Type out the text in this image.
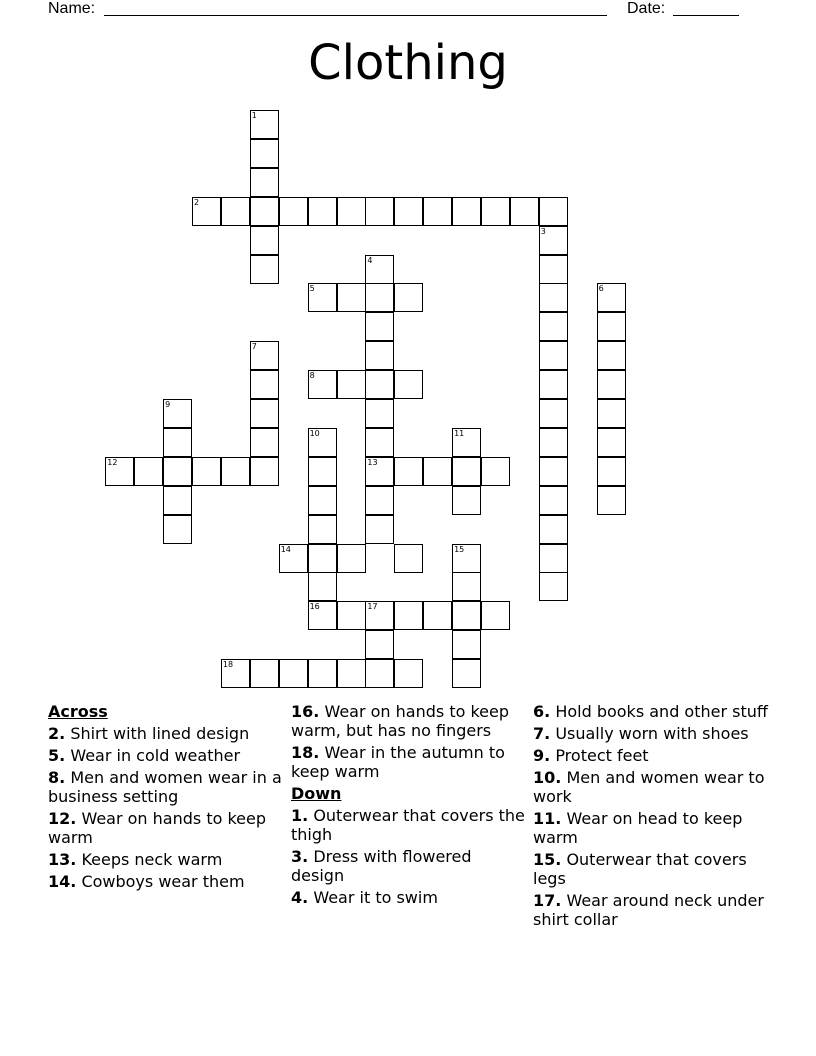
Name:	Date:
Clothing
1
2
3
4
5	6
7
8
9
10	11
12	13
14	15
16	17
18
Across
2. Shirt with lined design
5. Wear in cold weather
8. Men and women wear in a business setting
12. Wear on hands to keep warm
13. Keeps neck warm
14. Cowboys wear them
16. Wear on hands to keep warm, but has no fingers
18. Wear in the autumn to keep warm
Down
1. Outerwear that covers the thigh
3. Dress with flowered design
4. Wear it to swim
6. Hold books and other stuff
7. Usually worn with shoes
9. Protect feet
10. Men and women wear to work
11. Wear on head to keep warm
15. Outerwear that covers legs
17. Wear around neck under shirt collar
